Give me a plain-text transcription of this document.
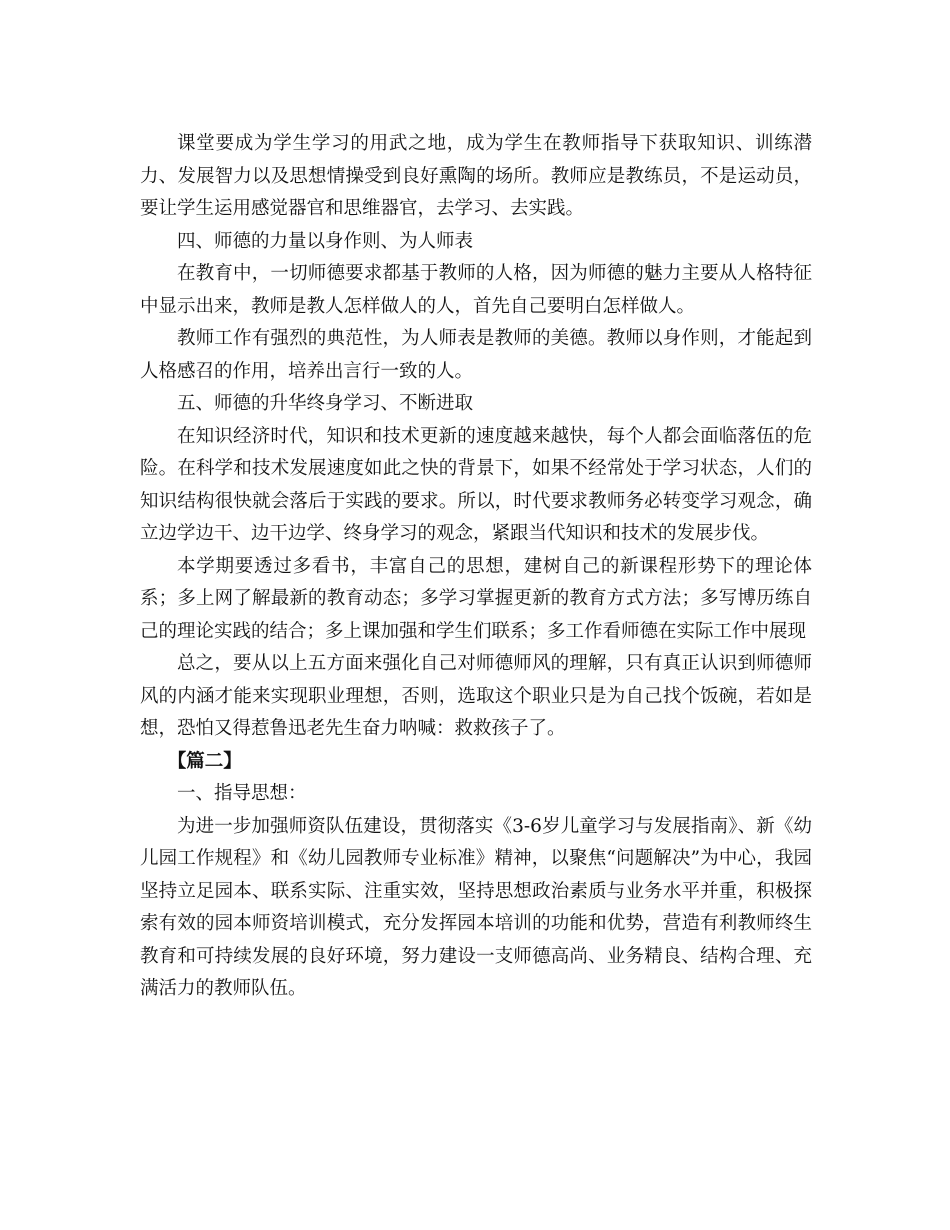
课堂要成为学生学习的用武之地，成为学生在教师指导下获取知识、训练潜力、发展智力以及思想情操受到良好熏陶的场所。教师应是教练员，不是运动员，要让学生运用感觉器官和思维器官，去学习、去实践。

四、师德的力量以身作则、为人师表

在教育中，一切师德要求都基于教师的人格，因为师德的魅力主要从人格特征中显示出来，教师是教人怎样做人的人，首先自己要明白怎样做人。

教师工作有强烈的典范性，为人师表是教师的美德。教师以身作则，才能起到人格感召的作用，培养出言行一致的人。

五、师德的升华终身学习、不断进取

在知识经济时代，知识和技术更新的速度越来越快，每个人都会面临落伍的危险。在科学和技术发展速度如此之快的背景下，如果不经常处于学习状态，人们的知识结构很快就会落后于实践的要求。所以，时代要求教师务必转变学习观念，确立边学边干、边干边学、终身学习的观念，紧跟当代知识和技术的发展步伐。

本学期要透过多看书，丰富自己的思想，建树自己的新课程形势下的理论体系；多上网了解最新的教育动态；多学习掌握更新的教育方式方法；多写博历练自己的理论实践的结合；多上课加强和学生们联系；多工作看师德在实际工作中展现

总之，要从以上五方面来强化自己对师德师风的理解，只有真正认识到师德师风的内涵才能来实现职业理想，否则，选取这个职业只是为自己找个饭碗，若如是想，恐怕又得惹鲁迅老先生奋力呐喊：救救孩子了。

【篇二】

一、指导思想：

为进一步加强师资队伍建设，贯彻落实《3-6岁儿童学习与发展指南》、新《幼儿园工作规程》和《幼儿园教师专业标准》精神，以聚焦“问题解决”为中心，我园坚持立足园本、联系实际、注重实效，坚持思想政治素质与业务水平并重，积极探索有效的园本师资培训模式，充分发挥园本培训的功能和优势，营造有利教师终生教育和可持续发展的良好环境，努力建设一支师德高尚、业务精良、结构合理、充满活力的教师队伍。
